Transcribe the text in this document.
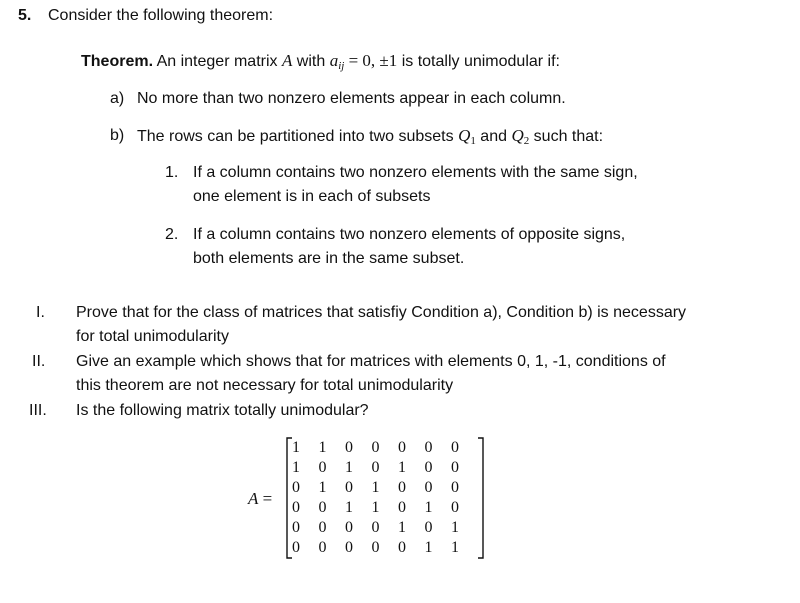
5. Consider the following theorem:
Theorem. An integer matrix A with $a_{ij} = 0$, ±1 is totally unimodular if:
a) No more than two nonzero elements appear in each column.
b) The rows can be partitioned into two subsets $Q_1$ and $Q_2$ such that:
1. If a column contains two nonzero elements with the same sign,
one element is in each of subsets
2. If a column contains two nonzero elements of opposite signs,
both elements are in the same subset.
I. Prove that for the class of matrices that satisfiy Condition a), Condition b) is necessary
for total unimodularity
II. Give an example which shows that for matrices with elements 0, 1, -1, conditions of
this theorem are not necessary for total unimodularity
III. Is the following matrix totally unimodular?
A =
1	1	0	0	0	0	0
1	0	1	0	1	0	0
0	1	0	1	0	0	0
0	0	1	1	0	1	0
0	0	0	0	1	0	1
0	0	0	0	0	1	1
